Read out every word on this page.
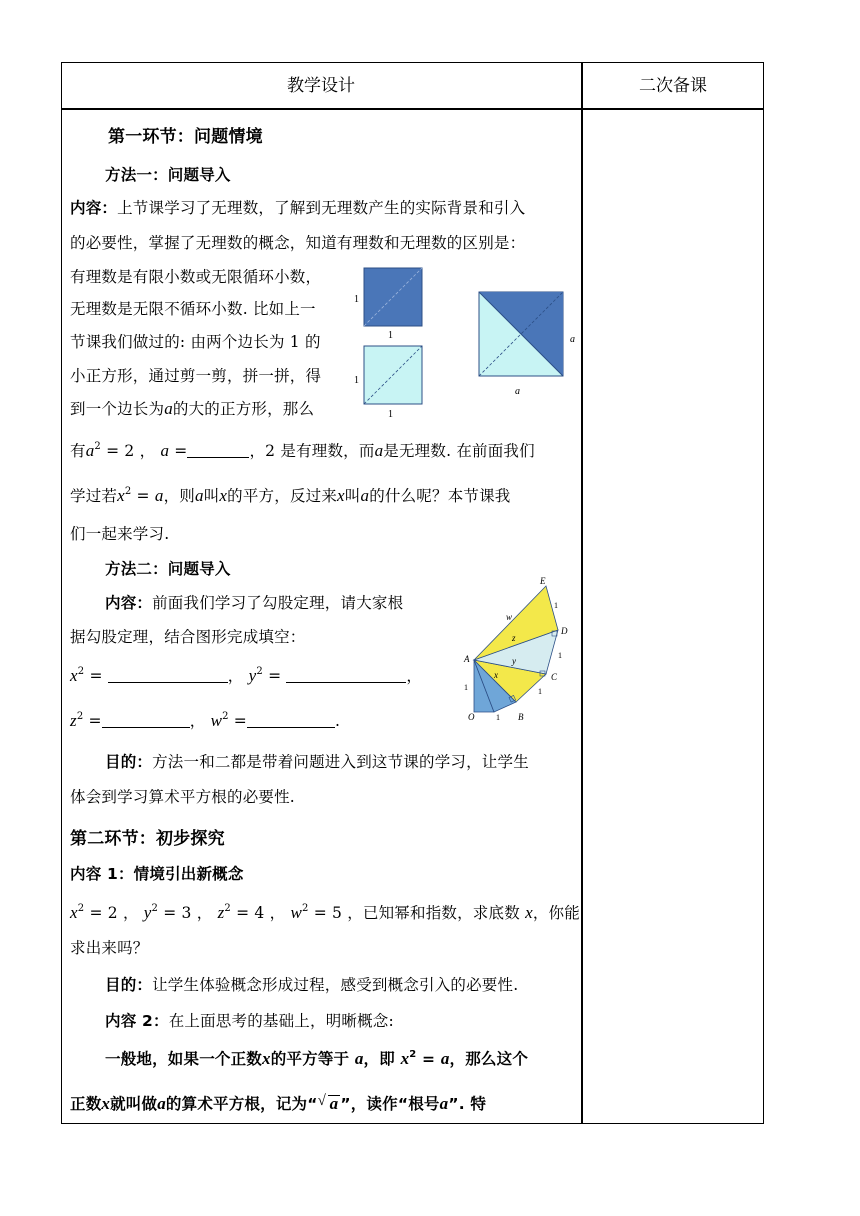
教学设计	二次备课
第一环节：问题情境
方法一：问题导入
内容：上节课学习了无理数，了解到无理数产生的实际背景和引入
的必要性，掌握了无理数的概念，知道有理数和无理数的区别是：
有理数是有限小数或无限循环小数，
无理数是无限不循环小数. 比如上一
节课我们做过的: 由两个边长为 1 的
小正方形，通过剪一剪，拼一拼，得
到一个边长为a的大的正方形，那么
有$a^2 = 2$ ， a =	，2 是有理数，而a是无理数. 在前面我们
学过若$x^2 = a$，则a叫x的平方，反过来x叫a的什么呢？本节课我
们一起来学习.
1
1
1
1
a
a
方法二：问题导入
内容：前面我们学习了勾股定理，请大家根
据勾股定理，结合图形完成填空：
$x^2$ =	， $y^2$ =	，
$z^2$ =	， $w^2$ =	.
E
D
A
C
O	B
w
z
y
x
1
1
1
1
1
目的：方法一和二都是带着问题进入到这节课的学习，让学生
体会到学习算术平方根的必要性.
第二环节：初步探究
内容 1：情境引出新概念
$x^2 = 2$ ， $y^2 = 3$ ， $z^2 = 4$ ， $w^2 = 5$ ，已知幂和指数，求底数 x，你能
求出来吗？
目的：让学生体验概念形成过程，感受到概念引入的必要性.
内容 2：在上面思考的基础上，明晰概念:
一般地，如果一个正数x的平方等于 a，即 $x^2 = a$，那么这个
正数x就叫做a的算术平方根，记为“√ a ”，读作“根号a”. 特
